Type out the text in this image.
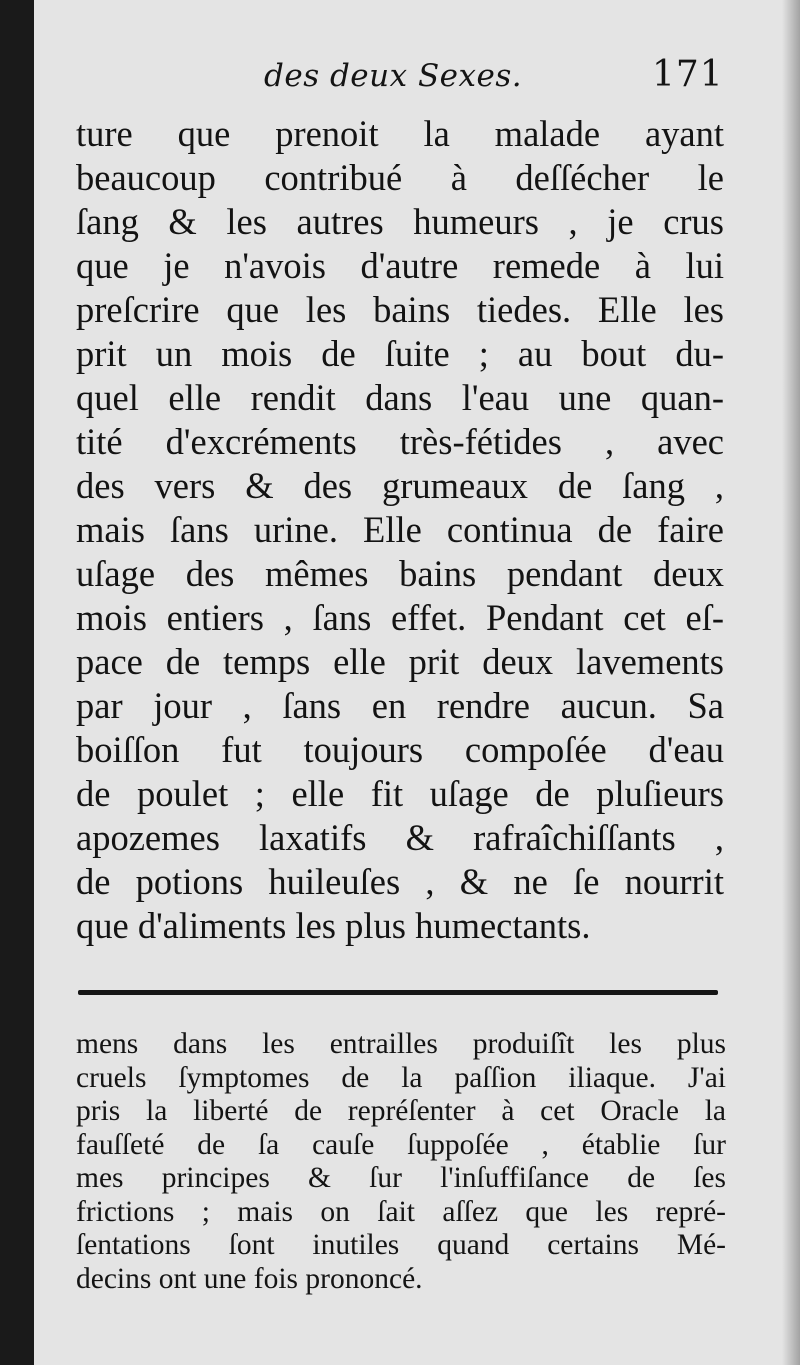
des deux Sexes.	171
ture que prenoit la malade ayant
beaucoup contribué à deſſécher le
ſang & les autres humeurs , je crus
que je n'avois d'autre remede à lui
preſcrire que les bains tiedes. Elle les
prit un mois de ſuite ; au bout du-
quel elle rendit dans l'eau une quan-
tité d'excréments très-fétides , avec
des vers & des grumeaux de ſang ,
mais ſans urine. Elle continua de faire
uſage des mêmes bains pendant deux
mois entiers , ſans effet. Pendant cet eſ-
pace de temps elle prit deux lavements
par jour , ſans en rendre aucun. Sa
boiſſon fut toujours compoſée d'eau
de poulet ; elle fit uſage de pluſieurs
apozemes laxatifs & rafraîchiſſants ,
de potions huileuſes , & ne ſe nourrit
que d'aliments les plus humectants.
mens dans les entrailles produiſît les plus
cruels ſymptomes de la paſſion iliaque. J'ai
pris la liberté de repréſenter à cet Oracle la
fauſſeté de ſa cauſe ſuppoſée , établie ſur
mes principes & ſur l'inſuffiſance de ſes
frictions ; mais on ſait aſſez que les repré-
ſentations ſont inutiles quand certains Mé-
decins ont une fois prononcé.
